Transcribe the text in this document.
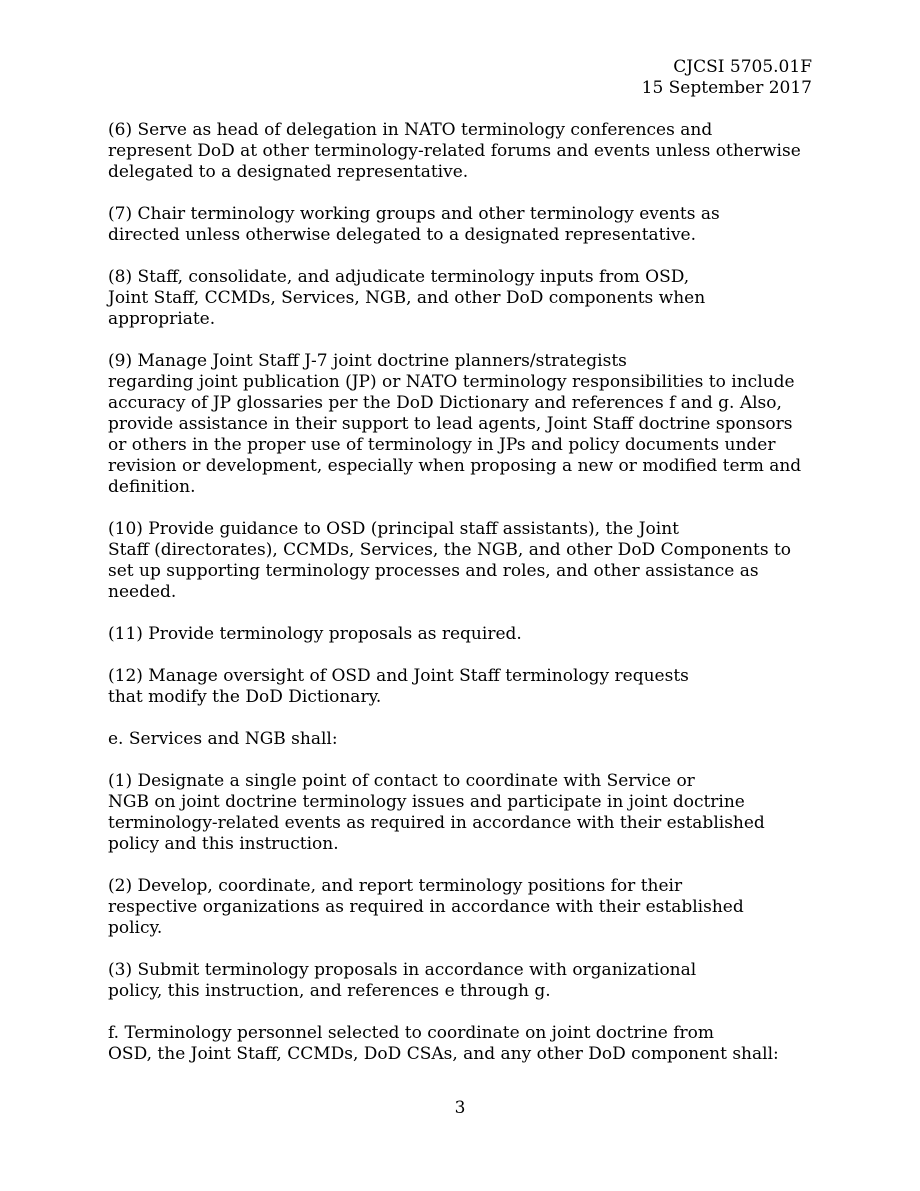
CJCSI 5705.01F
15 September 2017

(6) Serve as head of delegation in NATO terminology conferences and
represent DoD at other terminology-related forums and events unless otherwise
delegated to a designated representative.

(7) Chair terminology working groups and other terminology events as
directed unless otherwise delegated to a designated representative.

(8) Staff, consolidate, and adjudicate terminology inputs from OSD,
Joint Staff, CCMDs, Services, NGB, and other DoD components when
appropriate.

(9) Manage Joint Staff J-7 joint doctrine planners/strategists
regarding joint publication (JP) or NATO terminology responsibilities to include
accuracy of JP glossaries per the DoD Dictionary and references f and g. Also,
provide assistance in their support to lead agents, Joint Staff doctrine sponsors
or others in the proper use of terminology in JPs and policy documents under
revision or development, especially when proposing a new or modified term and
definition.

(10) Provide guidance to OSD (principal staff assistants), the Joint
Staff (directorates), CCMDs, Services, the NGB, and other DoD Components to
set up supporting terminology processes and roles, and other assistance as
needed.

(11) Provide terminology proposals as required.

(12) Manage oversight of OSD and Joint Staff terminology requests
that modify the DoD Dictionary.

e. Services and NGB shall:

(1) Designate a single point of contact to coordinate with Service or
NGB on joint doctrine terminology issues and participate in joint doctrine
terminology-related events as required in accordance with their established
policy and this instruction.

(2) Develop, coordinate, and report terminology positions for their
respective organizations as required in accordance with their established
policy.

(3) Submit terminology proposals in accordance with organizational
policy, this instruction, and references e through g.

f. Terminology personnel selected to coordinate on joint doctrine from
OSD, the Joint Staff, CCMDs, DoD CSAs, and any other DoD component shall:

3
